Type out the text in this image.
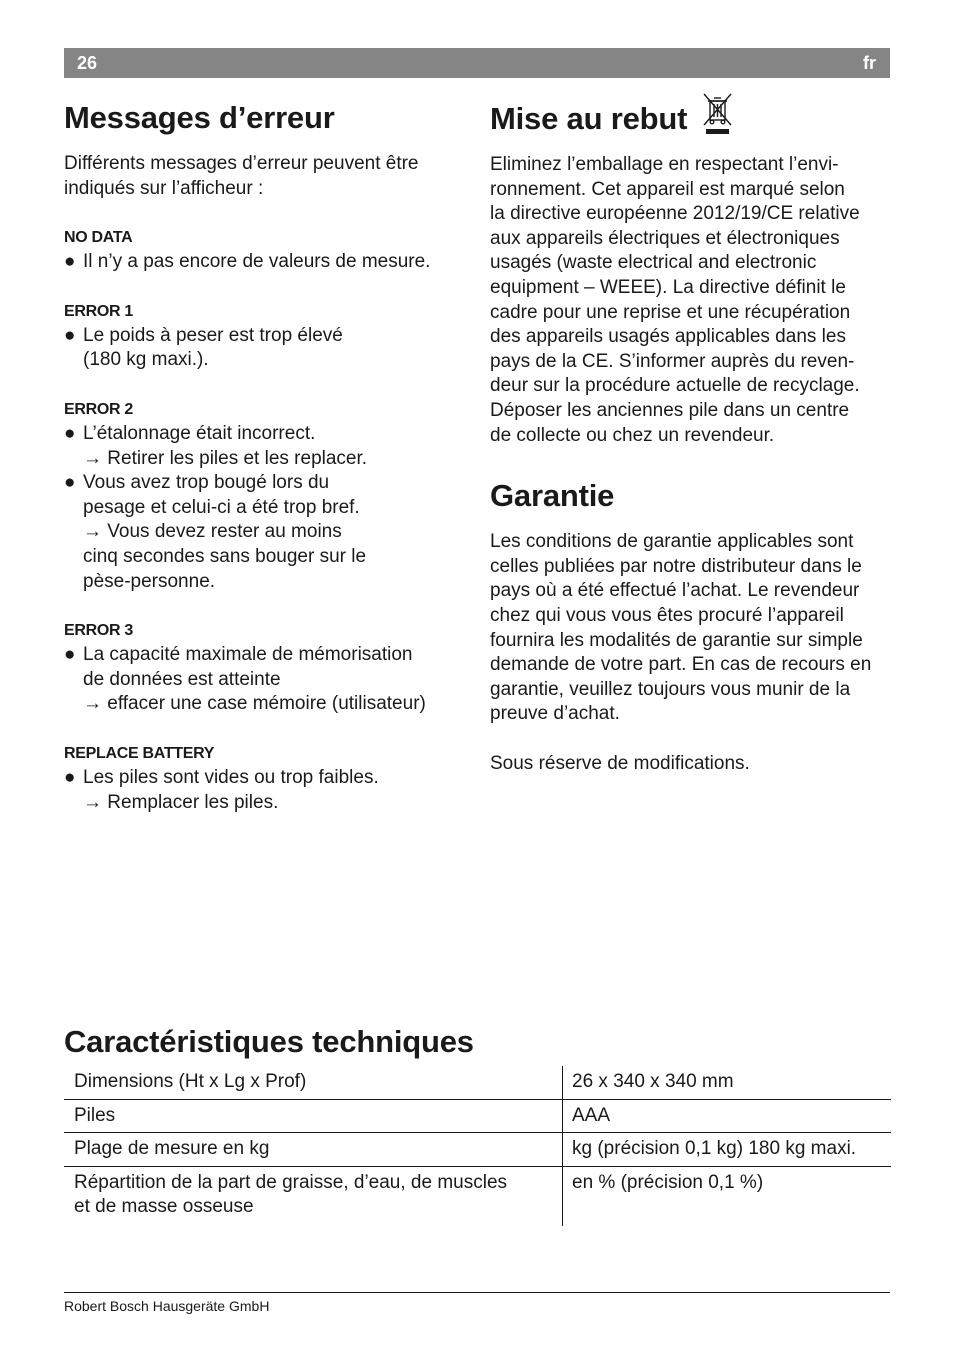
26	fr
Messages d’erreur
Différents messages d’erreur peuvent être
indiqués sur l’afficheur :
NO DATA
● Il n’y a pas encore de valeurs de mesure.
ERROR 1
● Le poids à peser est trop élevé
(180 kg maxi.).
ERROR 2
● L’étalonnage était incorrect.
→ Retirer les piles et les replacer.
● Vous avez trop bougé lors du
pesage et celui-ci a été trop bref.
→ Vous devez rester au moins
cinq secondes sans bouger sur le
pèse-personne.
ERROR 3
● La capacité maximale de mémorisation
de données est atteinte
→ effacer une case mémoire (utilisateur)
REPLACE BATTERY
● Les piles sont vides ou trop faibles.
→ Remplacer les piles.
Mise au rebut
Eliminez l’emballage en respectant l’envi-
ronnement. Cet appareil est marqué selon
la directive européenne 2012/19/CE relative
aux appareils électriques et électroniques
usagés (waste electrical and electronic
equipment – WEEE). La directive définit le
cadre pour une reprise et une récupération
des appareils usagés applicables dans les
pays de la CE. S’informer auprès du reven-
deur sur la procédure actuelle de recyclage.
Déposer les anciennes pile dans un centre
de collecte ou chez un revendeur.
Garantie
Les conditions de garantie applicables sont
celles publiées par notre distributeur dans le
pays où a été effectué l’achat. Le revendeur
chez qui vous vous êtes procuré l’appareil
fournira les modalités de garantie sur simple
demande de votre part. En cas de recours en
garantie, veuillez toujours vous munir de la
preuve d’achat.
Sous réserve de modifications.
Caractéristiques techniques
Dimensions (Ht x Lg x Prof)	26 x 340 x 340 mm

Piles	AAA

Plage de mesure en kg	kg (précision 0,1 kg) 180 kg maxi.

Répartition de la part de graisse, d’eau, de muscles
et de masse osseuse	en % (précision 0,1 %)
Robert Bosch Hausgeräte GmbH
